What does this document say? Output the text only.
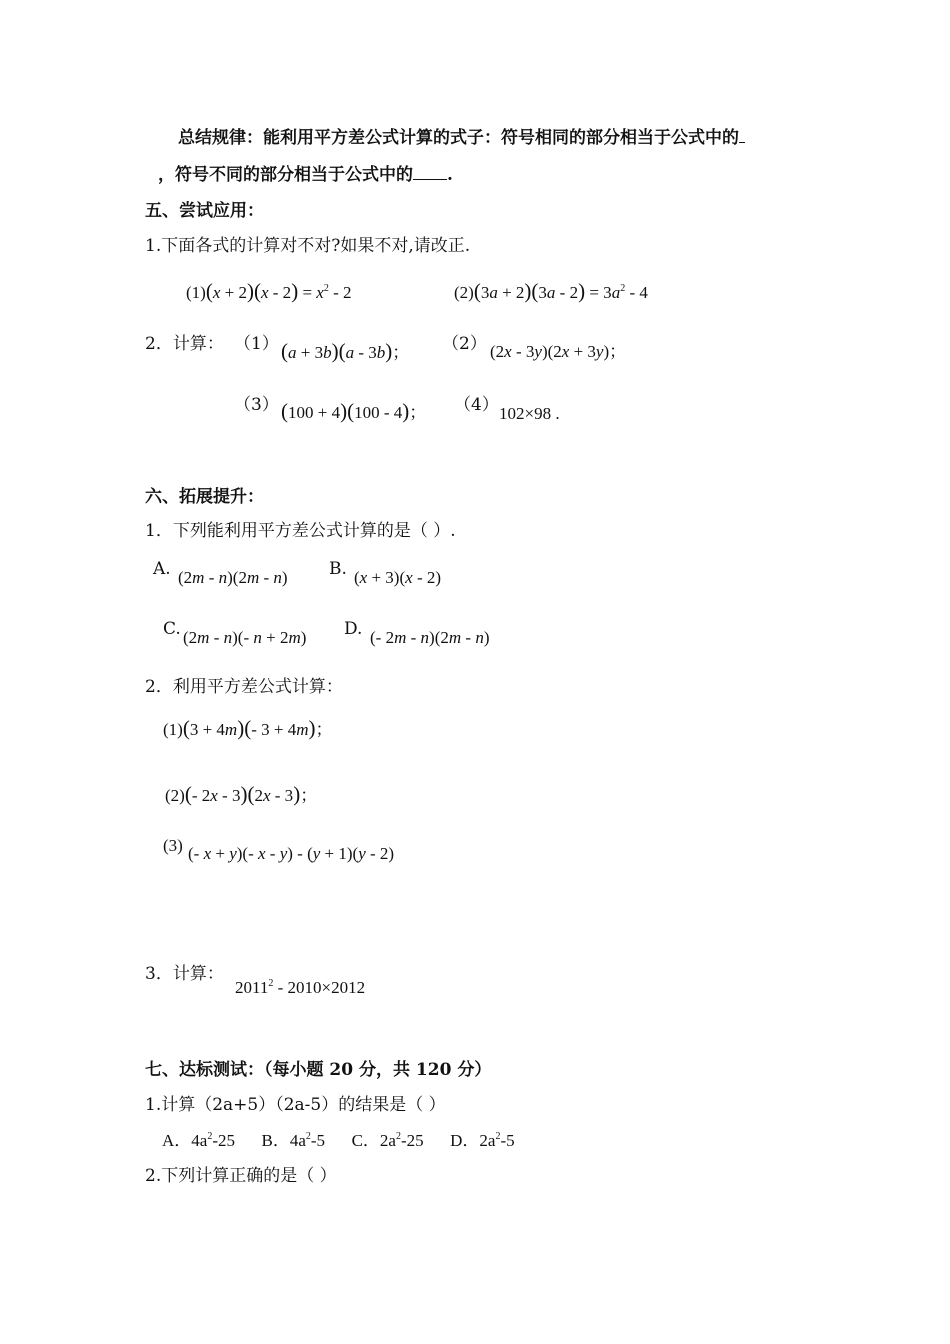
总结规律：能利用平方差公式计算的式子：符号相同的部分相当于公式中的
，符号不同的部分相当于公式中的 .
五、尝试应用：
1.下面各式的计算对不对?如果不对,请改正.
$(1)(x + 2)(x - 2) = x^2 - 2$	$(2)(3a + 2)(3a - 2) = 3a^2 - 4$
2．计算： （1） (a + 3b)(a - 3b)； （2） (2x - 3y)(2x + 3y)；
（3） (100 + 4)(100 - 4)； （4） 102×98 .
六、拓展提升：
1．下列能利用平方差公式计算的是（ ）.
A. (2m - n)(2m - n) B. (x + 3)(x - 2)
C. (2m - n)(- n + 2m) D. (- 2m - n)(2m - n)
2．利用平方差公式计算：
(1)(3 + 4m)(- 3 + 4m)；
(2)(- 2x - 3)(2x - 3)；
(3) (- x + y)(- x - y) - (y + 1)(y - 2)
3．计算：
2011$^2$ - 2010×2012
七、达标测试：（每小题 20 分，共 120 分）
1.计算（2a+5）（2a-5）的结果是（ ）
A．$4a^2-25$ B．$4a^2-5$ C．$2a^2-25$ D．$2a^2-5$
2.下列计算正确的是（ ）
